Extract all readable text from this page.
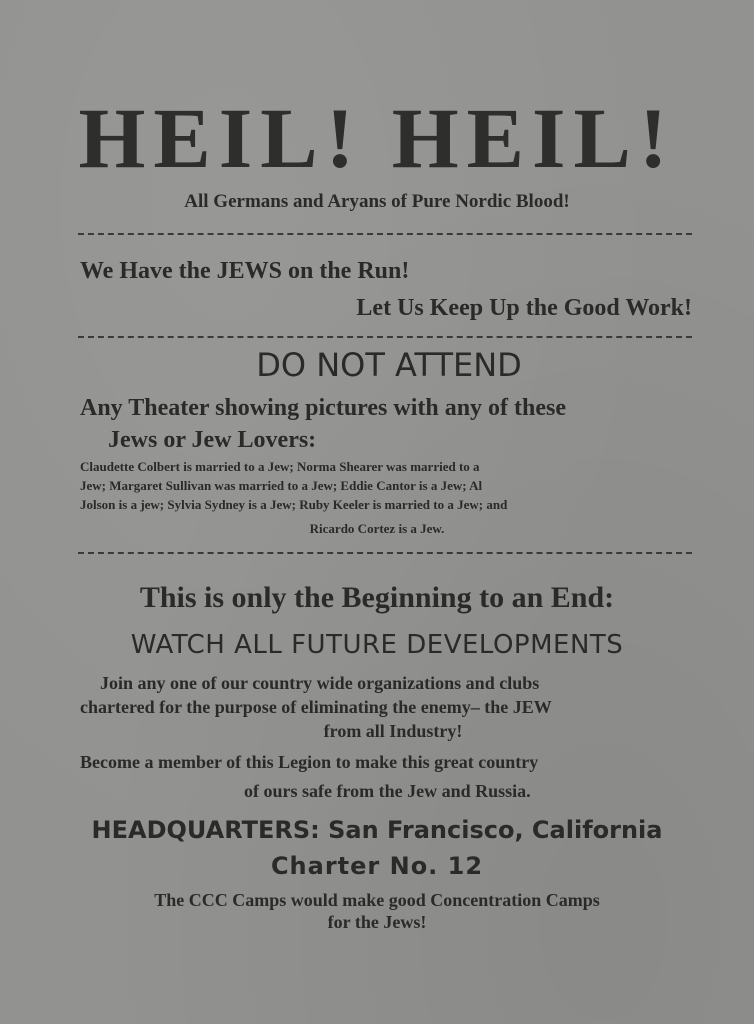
HEIL! HEIL!
All Germans and Aryans of Pure Nordic Blood!
We Have the JEWS on the Run!
Let Us Keep Up the Good Work!
DO NOT ATTEND
Any Theater showing pictures with any of these
Jews or Jew Lovers:
Claudette Colbert is married to a Jew; Norma Shearer was married to a
Jew; Margaret Sullivan was married to a Jew; Eddie Cantor is a Jew; Al
Jolson is a jew; Sylvia Sydney is a Jew; Ruby Keeler is married to a Jew; and
Ricardo Cortez is a Jew.
This is only the Beginning to an End:
WATCH ALL FUTURE DEVELOPMENTS
Join any one of our country wide organizations and clubs
chartered for the purpose of eliminating the enemy– the JEW
from all Industry!
Become a member of this Legion to make this great country
of ours safe from the Jew and Russia.
HEADQUARTERS: San Francisco, California
Charter No. 12
The CCC Camps would make good Concentration Camps
for the Jews!
